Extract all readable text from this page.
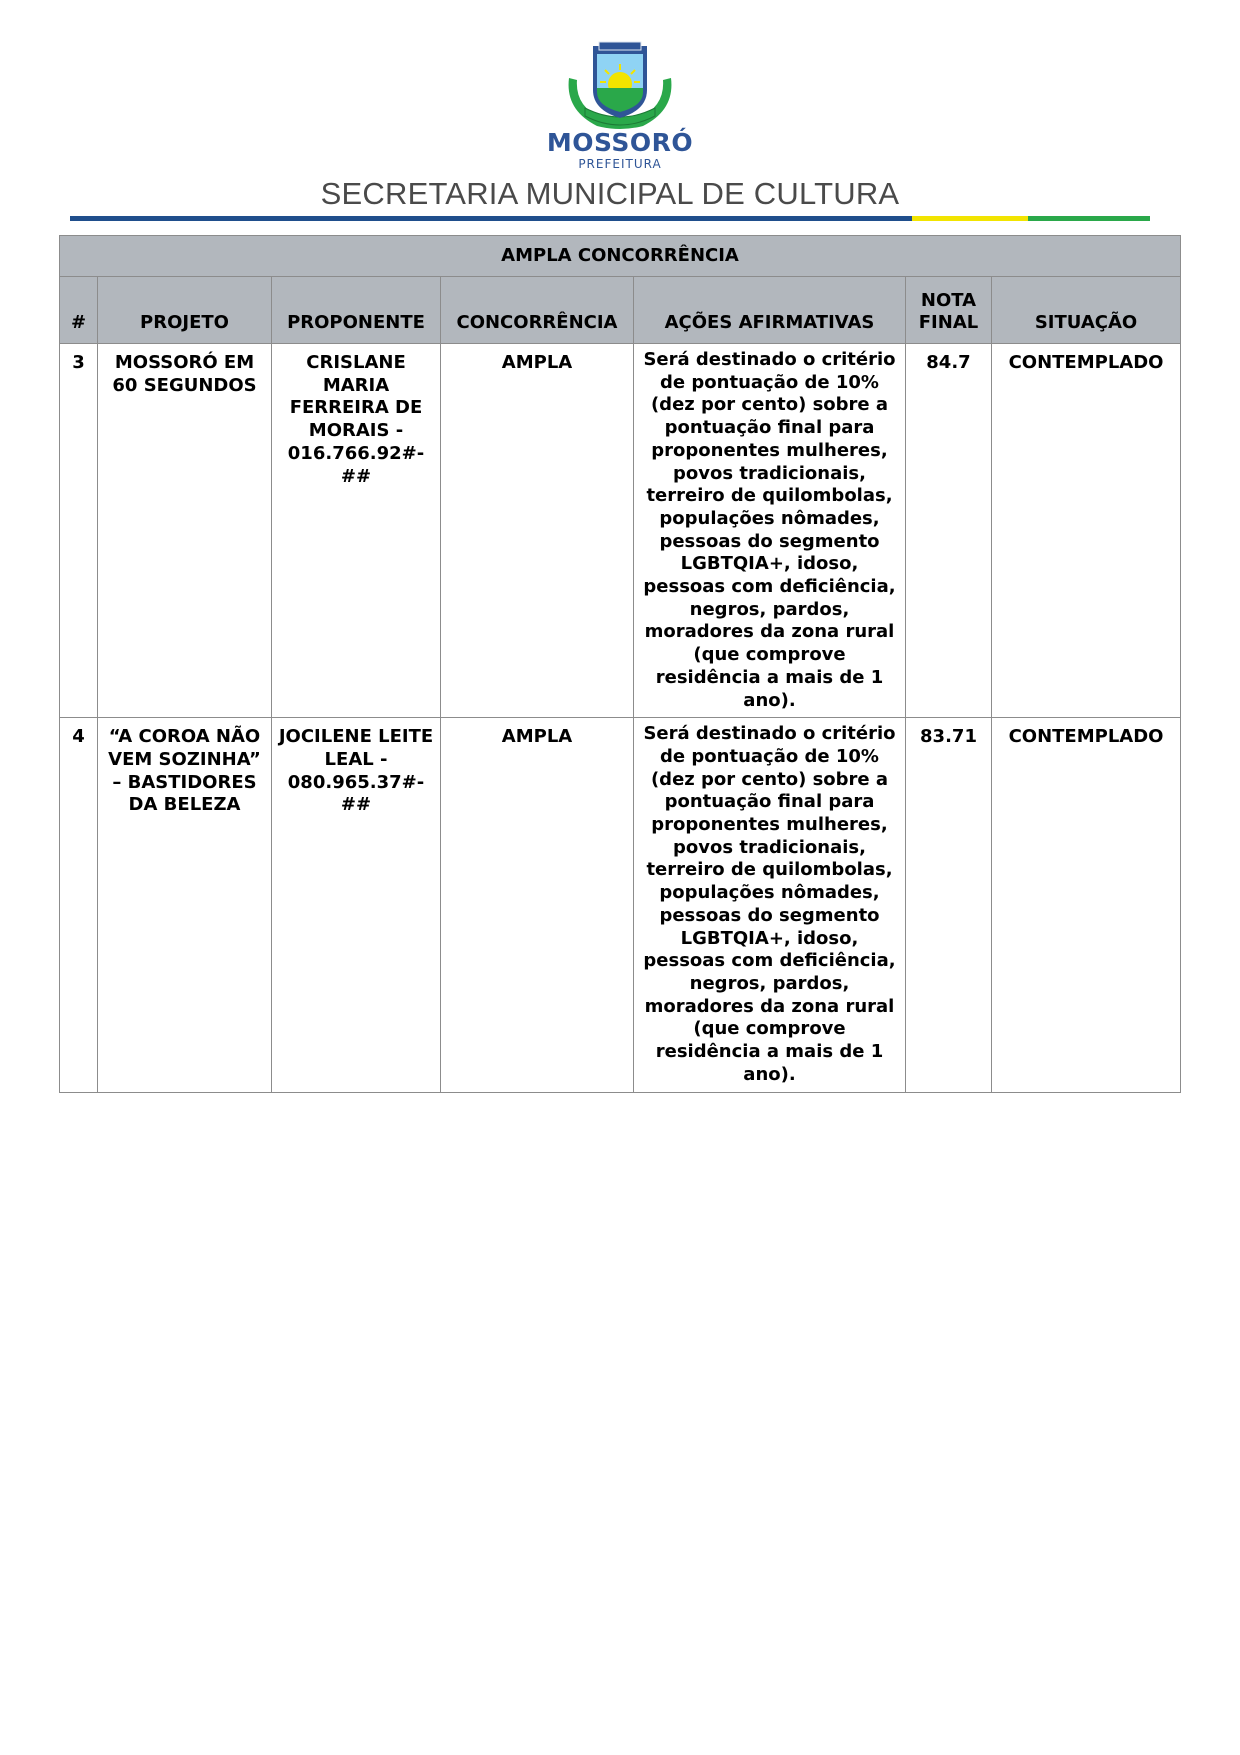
MOSSORÓ
PREFEITURA
SECRETARIA MUNICIPAL DE CULTURA
AMPLA CONCORRÊNCIA						
#	PROJETO	PROPONENTE	CONCORRÊNCIA	AÇÕES AFIRMATIVAS	NOTA FINAL	SITUAÇÃO
3	MOSSORÓ EM 60 SEGUNDOS	CRISLANE MARIA FERREIRA DE MORAIS - 016.766.92#-##	AMPLA	Será destinado o critério de pontuação de 10% (dez por cento) sobre a pontuação final para proponentes mulheres, povos tradicionais, terreiro de quilombolas, populações nômades, pessoas do segmento LGBTQIA+, idoso, pessoas com deficiência, negros, pardos, moradores da zona rural (que comprove residência a mais de 1 ano).	84.7	CONTEMPLADO
4	“A COROA NÃO VEM SOZINHA” – BASTIDORES DA BELEZA	JOCILENE LEITE LEAL - 080.965.37#-##	AMPLA	Será destinado o critério de pontuação de 10% (dez por cento) sobre a pontuação final para proponentes mulheres, povos tradicionais, terreiro de quilombolas, populações nômades, pessoas do segmento LGBTQIA+, idoso, pessoas com deficiência, negros, pardos, moradores da zona rural (que comprove residência a mais de 1 ano).	83.71	CONTEMPLADO
